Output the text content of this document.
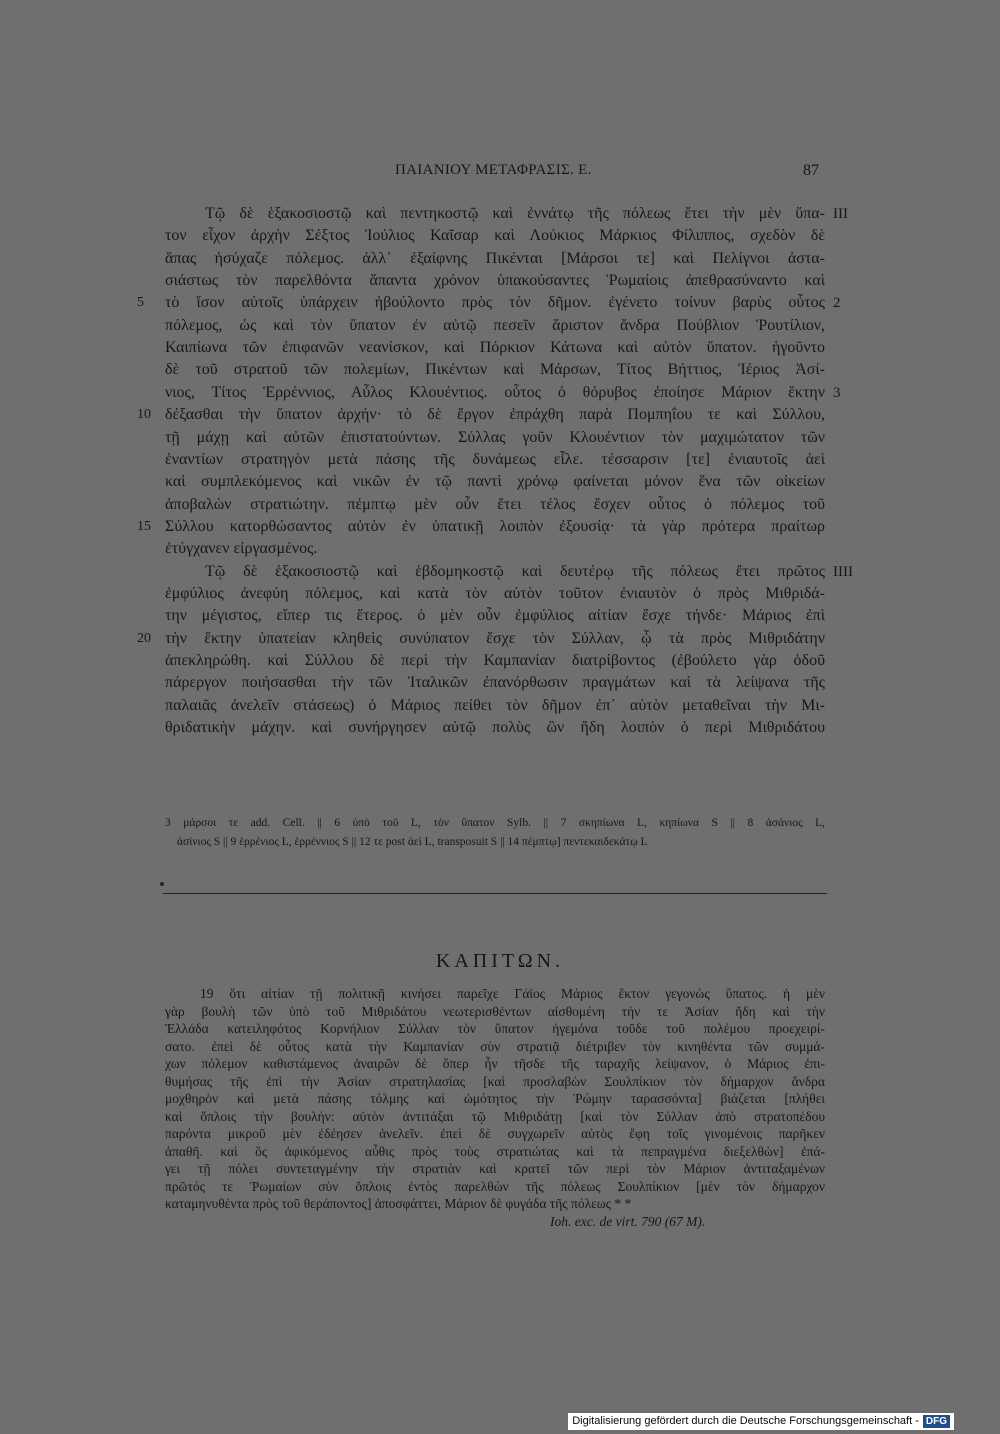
ΠΑΙΑΝΙΟΥ ΜΕΤΑΦΡΑΣΙΣ. Ε.	87
Τῷ δὲ ἑξακοσιοστῷ καὶ πεντηκοστῷ καὶ ἐννάτῳ τῆς πόλεως ἔτει τὴν μὲν ὕπα- III
τον εἶχον ἀρχὴν Σέξτος Ἰούλιος Καῖσαρ καὶ Λούκιος Μάρκιος Φίλιππος, σχεδὸν δὲ
ἅπας ἡσύχαζε πόλεμος. ἀλλ᾽ ἐξαίφνης Πικένται [Μάρσοι τε] καὶ Πελίγνοι ἀστα-
σιάστως τὸν παρελθόντα ἅπαντα χρόνον ὑπακούσαντες Ῥωμαίοις ἀπεθρασύναντο καὶ
5 τὸ ἴσον αὐτοῖς ὑπάρχειν ἠβούλοντο πρὸς τὸν δῆμον. ἐγένετο τοίνυν βαρὺς οὗτος 2
πόλεμος, ὡς καὶ τὸν ὕπατον ἐν αὐτῷ πεσεῖν ἄριστον ἄνδρα Πούβλιον Ῥουτίλιον,
Καιπίωνα τῶν ἐπιφανῶν νεανίσκον, καὶ Πόρκιον Κάτωνα καὶ αὐτὸν ὕπατον. ἡγοῦντο
δὲ τοῦ στρατοῦ τῶν πολεμίων, Πικέντων καὶ Μάρσων, Τίτος Βήττιος, Ἱέριος Ἀσί-
νιος, Τίτος Ἑρρέννιος, Αὖλος Κλουέντιος. οὗτος ὁ θόρυβος ἐποίησε Μάριον ἕκτην 3
10 δέξασθαι τὴν ὕπατον ἀρχήν· τὸ δὲ ἔργον ἐπράχθη παρὰ Πομπηΐου τε καὶ Σύλλου,
τῇ μάχῃ καὶ αὐτῶν ἐπιστατούντων. Σύλλας γοῦν Κλουέντιον τὸν μαχιμώτατον τῶν
ἐναντίων στρατηγὸν μετὰ πάσης τῆς δυνάμεως εἷλε. τέσσαρσιν [τε] ἐνιαυτοῖς ἀεὶ
καὶ συμπλεκόμενος καὶ νικῶν ἐν τῷ παντὶ χρόνῳ φαίνεται μόνον ἕνα τῶν οἰκείων
ἀποβαλὼν στρατιώτην. πέμπτῳ μὲν οὖν ἔτει τέλος ἔσχεν οὗτος ὁ πόλεμος τοῦ
15 Σύλλου κατορθώσαντος αὐτὸν ἐν ὑπατικῇ λοιπὸν ἐξουσίᾳ· τὰ γὰρ πρότερα πραίτωρ
ἐτύγχανεν εἰργασμένος.
Τῷ δὲ ἑξακοσιοστῷ καὶ ἑβδομηκοστῷ καὶ δευτέρῳ τῆς πόλεως ἔτει πρῶτος IIII
ἐμφύλιος ἀνεφύη πόλεμος, καὶ κατὰ τὸν αὐτὸν τοῦτον ἐνιαυτὸν ὁ πρὸς Μιθριδά-
την μέγιστος, εἴπερ τις ἕτερος. ὁ μὲν οὖν ἐμφύλιος αἰτίαν ἔσχε τήνδε· Μάριος ἐπὶ
20 τὴν ἕκτην ὑπατείαν κληθεὶς συνύπατον ἔσχε τὸν Σύλλαν, ᾧ τὰ πρὸς Μιθριδάτην
ἀπεκληρώθη. καὶ Σύλλου δὲ περὶ τὴν Καμπανίαν διατρίβοντος (ἐβούλετο γὰρ ὁδοῦ
πάρεργον ποιήσασθαι τὴν τῶν Ἰταλικῶν ἐπανόρθωσιν πραγμάτων καὶ τὰ λείψανα τῆς
παλαιᾶς ἀνελεῖν στάσεως) ὁ Μάριος πείθει τὸν δῆμον ἐπ᾽ αὐτὸν μεταθεῖναι τὴν Μι-
θριδατικὴν μάχην. καὶ συνήργησεν αὐτῷ πολὺς ὢν ἤδη λοιπὸν ὁ περὶ Μιθριδάτου
3 μάρσοι τε add. Cell. || 6 ὑπὸ τοῦ L, τὸν ὕπατον Sylb. || 7 σκηπίωνα L, κηπίωνα S || 8 ἀσάνιος L,
ἀσίνιος S || 9 ἑρρένιος L, ἑρρέννιος S || 12 τε post ἀεὶ L, transposuit S || 14 πέμπτῳ] πεντεκαιδεκάτῳ L
ΚΑΠΙΤΩΝ.
19 ὅτι αἰτίαν τῇ πολιτικῇ κινήσει παρεῖχε Γάϊος Μάριος ἕκτον γεγονὼς ὕπατος. ἡ μὲν
γὰρ βουλὴ τῶν ὑπὸ τοῦ Μιθριδάτου νεωτερισθέντων αἰσθομένη τήν τε Ἀσίαν ἤδη καὶ τὴν
Ἑλλάδα κατειληφότος Κορνήλιον Σύλλαν τὸν ὕπατον ἡγεμόνα τοῦδε τοῦ πολέμου προεχειρί-
σατο. ἐπεὶ δὲ οὗτος κατὰ τὴν Καμπανίαν σὺν στρατιᾷ διέτριβεν τὸν κινηθέντα τῶν συμμά-
χων πόλεμον καθιστάμενος ἀναιρῶν δὲ ὅπερ ἦν τῆσδε τῆς ταραχῆς λείψανον, ὁ Μάριος ἐπι-
θυμήσας τῆς ἐπὶ τὴν Ἀσίαν στρατηλασίας [καὶ προσλαβὼν Σουλπίκιον τὸν δήμαρχον ἄνδρα
μοχθηρὸν καὶ μετὰ πάσης τόλμης καὶ ὠμότητος τὴν Ῥώμην ταρασσόντα] βιάζεται [πλήθει
καὶ ὅπλοις τὴν βουλήν: αὐτὸν ἀντιτάξαι τῷ Μιθριδάτῃ [καὶ τὸν Σύλλαν ἀπὸ στρατοπέδου
παρόντα μικροῦ μὲν ἐδέησεν ἀνελεῖν. ἐπεὶ δὲ συγχωρεῖν αὐτὸς ἔφη τοῖς γινομένοις παρῆκεν
ἀπαθῆ. καὶ ὃς ἀφικόμενος αὖθις πρὸς τοὺς στρατιώτας καὶ τὰ πεπραγμένα διεξελθὼν] ἐπά-
γει τῇ πόλει συντεταγμένην τὴν στρατιὰν καὶ κρατεῖ τῶν περὶ τὸν Μάριον ἀντιταξαμένων
πρῶτός τε Ῥωμαίων σὺν ὅπλοις ἐντὸς παρελθὼν τῆς πόλεως Σουλπίκιον [μὲν τὸν δήμαρχον
καταμηνυθέντα πρὸς τοῦ θεράποντος] ἀποσφάττει, Μάριον δὲ φυγάδα τῆς πόλεως * *
Ioh. exc. de virt. 790 (67 M).
Digitalisierung gefördert durch die Deutsche Forschungsgemeinschaft - DFG
